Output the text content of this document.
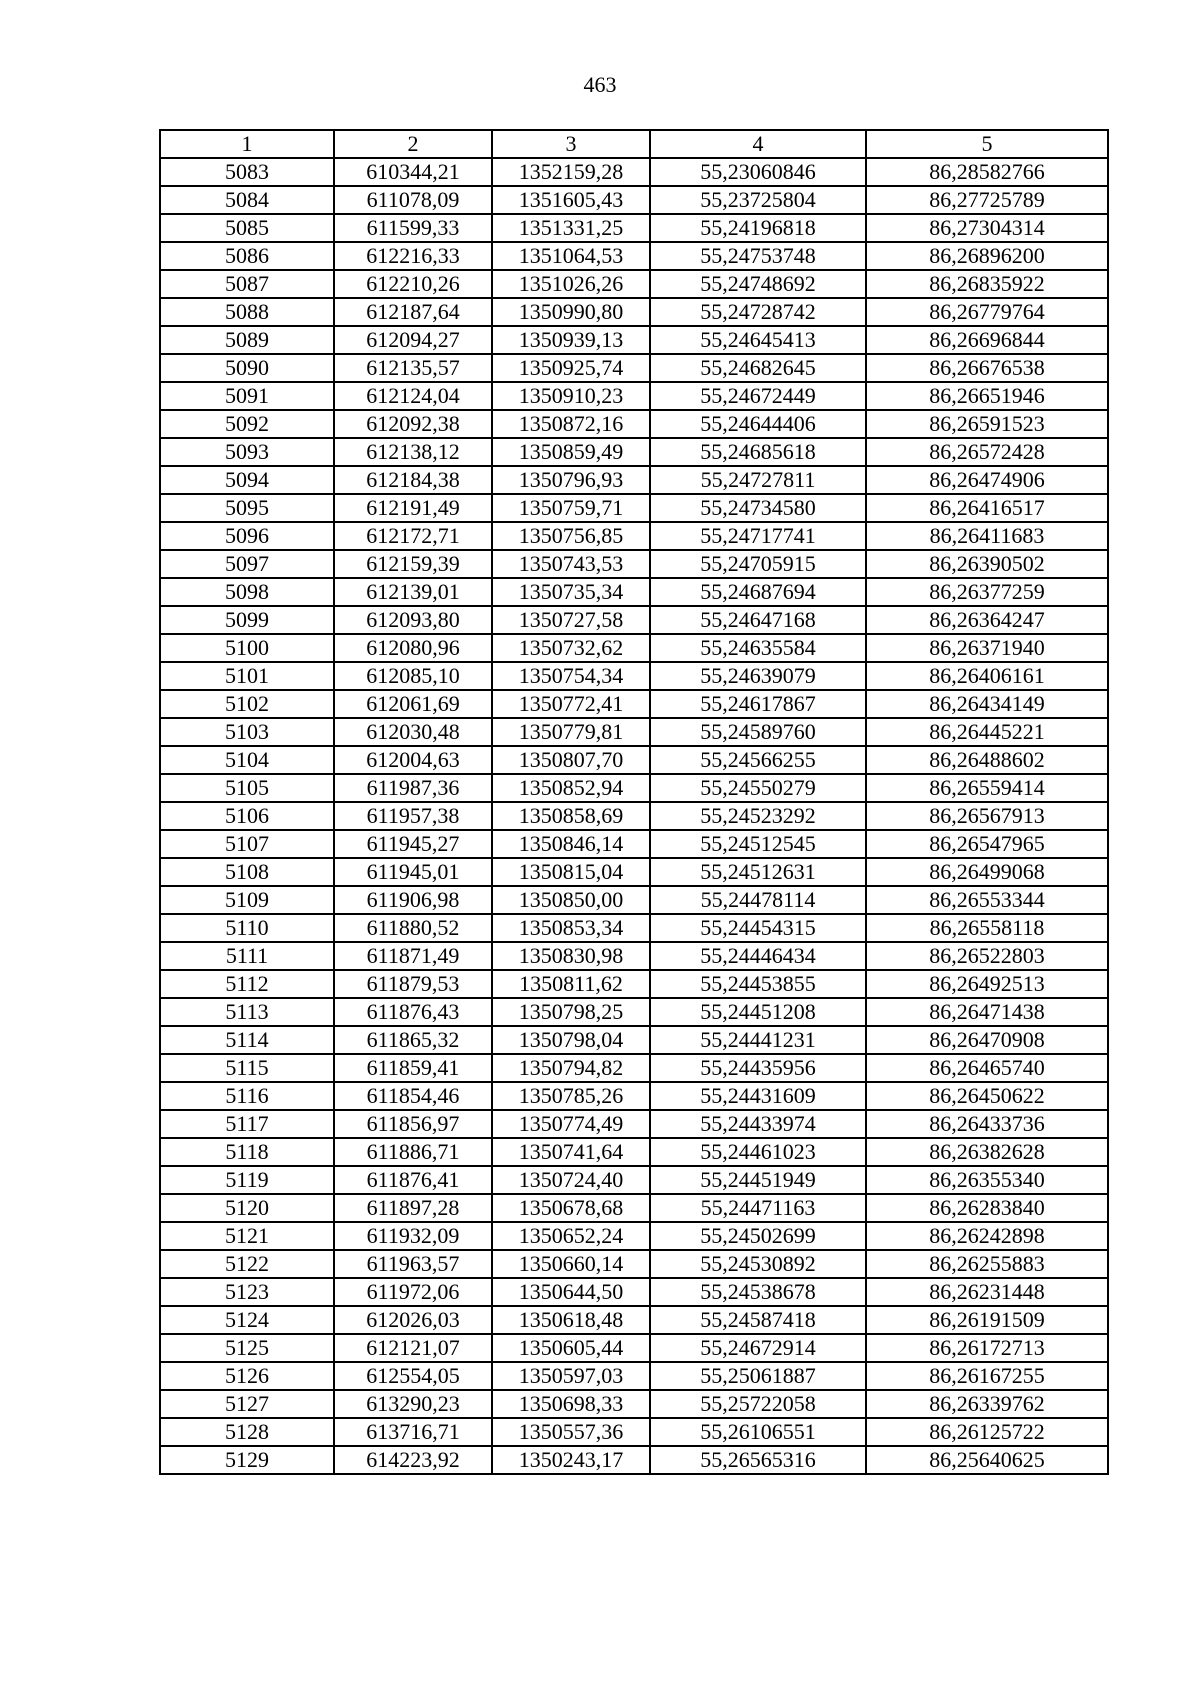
463
1	2	3	4	5
5083	610344,21	1352159,28	55,23060846	86,28582766
5084	611078,09	1351605,43	55,23725804	86,27725789
5085	611599,33	1351331,25	55,24196818	86,27304314
5086	612216,33	1351064,53	55,24753748	86,26896200
5087	612210,26	1351026,26	55,24748692	86,26835922
5088	612187,64	1350990,80	55,24728742	86,26779764
5089	612094,27	1350939,13	55,24645413	86,26696844
5090	612135,57	1350925,74	55,24682645	86,26676538
5091	612124,04	1350910,23	55,24672449	86,26651946
5092	612092,38	1350872,16	55,24644406	86,26591523
5093	612138,12	1350859,49	55,24685618	86,26572428
5094	612184,38	1350796,93	55,24727811	86,26474906
5095	612191,49	1350759,71	55,24734580	86,26416517
5096	612172,71	1350756,85	55,24717741	86,26411683
5097	612159,39	1350743,53	55,24705915	86,26390502
5098	612139,01	1350735,34	55,24687694	86,26377259
5099	612093,80	1350727,58	55,24647168	86,26364247
5100	612080,96	1350732,62	55,24635584	86,26371940
5101	612085,10	1350754,34	55,24639079	86,26406161
5102	612061,69	1350772,41	55,24617867	86,26434149
5103	612030,48	1350779,81	55,24589760	86,26445221
5104	612004,63	1350807,70	55,24566255	86,26488602
5105	611987,36	1350852,94	55,24550279	86,26559414
5106	611957,38	1350858,69	55,24523292	86,26567913
5107	611945,27	1350846,14	55,24512545	86,26547965
5108	611945,01	1350815,04	55,24512631	86,26499068
5109	611906,98	1350850,00	55,24478114	86,26553344
5110	611880,52	1350853,34	55,24454315	86,26558118
5111	611871,49	1350830,98	55,24446434	86,26522803
5112	611879,53	1350811,62	55,24453855	86,26492513
5113	611876,43	1350798,25	55,24451208	86,26471438
5114	611865,32	1350798,04	55,24441231	86,26470908
5115	611859,41	1350794,82	55,24435956	86,26465740
5116	611854,46	1350785,26	55,24431609	86,26450622
5117	611856,97	1350774,49	55,24433974	86,26433736
5118	611886,71	1350741,64	55,24461023	86,26382628
5119	611876,41	1350724,40	55,24451949	86,26355340
5120	611897,28	1350678,68	55,24471163	86,26283840
5121	611932,09	1350652,24	55,24502699	86,26242898
5122	611963,57	1350660,14	55,24530892	86,26255883
5123	611972,06	1350644,50	55,24538678	86,26231448
5124	612026,03	1350618,48	55,24587418	86,26191509
5125	612121,07	1350605,44	55,24672914	86,26172713
5126	612554,05	1350597,03	55,25061887	86,26167255
5127	613290,23	1350698,33	55,25722058	86,26339762
5128	613716,71	1350557,36	55,26106551	86,26125722
5129	614223,92	1350243,17	55,26565316	86,25640625
